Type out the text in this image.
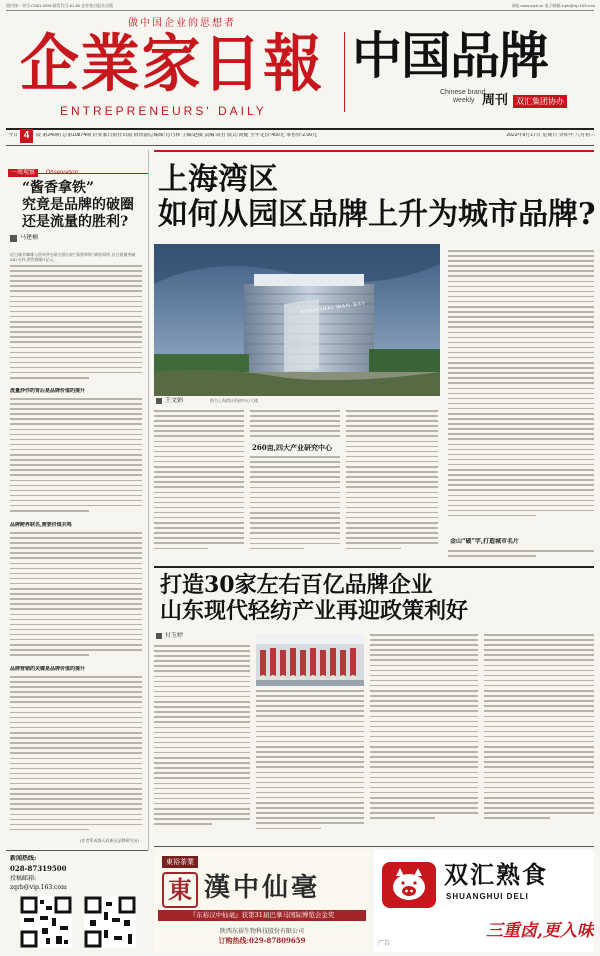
国内统一刊号:CN51-0098 邮发代号:61-85 企业家日报社出版	网址:www.zqrb.cn 电子邮箱:zqrb@vip.163.com
做中国企业的思想者
企業家日報
ENTREPRENEURS' DAILY
中国品牌
Chinese brand
weekly 周刊 双汇集团协办
今日 4	版 第240期 总第10874期 企业家日报社出版 值班副总编辑:肖乃林 主编:赵敏 责编:周君 版式:黄健 全年定价:450元 零售价:2.00元	2023年9月17日 星期日 癸卯年 八月初三
一周观察 Observation
“酱香拿铁”
究竟是品牌的破圈
还是流量的胜利?
马建楠
近日瑞幸咖啡与贵州茅台联名推出的“酱香拿铁”刷屏网络,首日销量突破542万杯,销售额破1亿元。
流量炒作的背后是品牌价值的提升
品牌跨界联名,需要价值共鸣
品牌营销的关键是品牌价值的提升
(作者系成都天府新区品牌研究员)
新闻热线:
028-87319500
投稿邮箱:
zqrb@vip.163.com
上海湾区
如何从园区品牌上升为城市品牌?
SHANGHAI WAN·BAY
王文娟	图为上海湾区科创中心大楼
260亩,四大产业研究中心
金山“破”字,打造城市名片
打造30家左右百亿品牌企业
山东现代轻纺产业再迎政策利好
付玉婷
東裕茶業
東 漢中仙毫
『东裕汉中仙毫』获第31届巴拿马国际博览会金奖
陕西东裕生物科技股份有限公司
订购热线:029-87809659
双汇熟食
SHUANGHUI DELI
三重卤,更入味
广告
